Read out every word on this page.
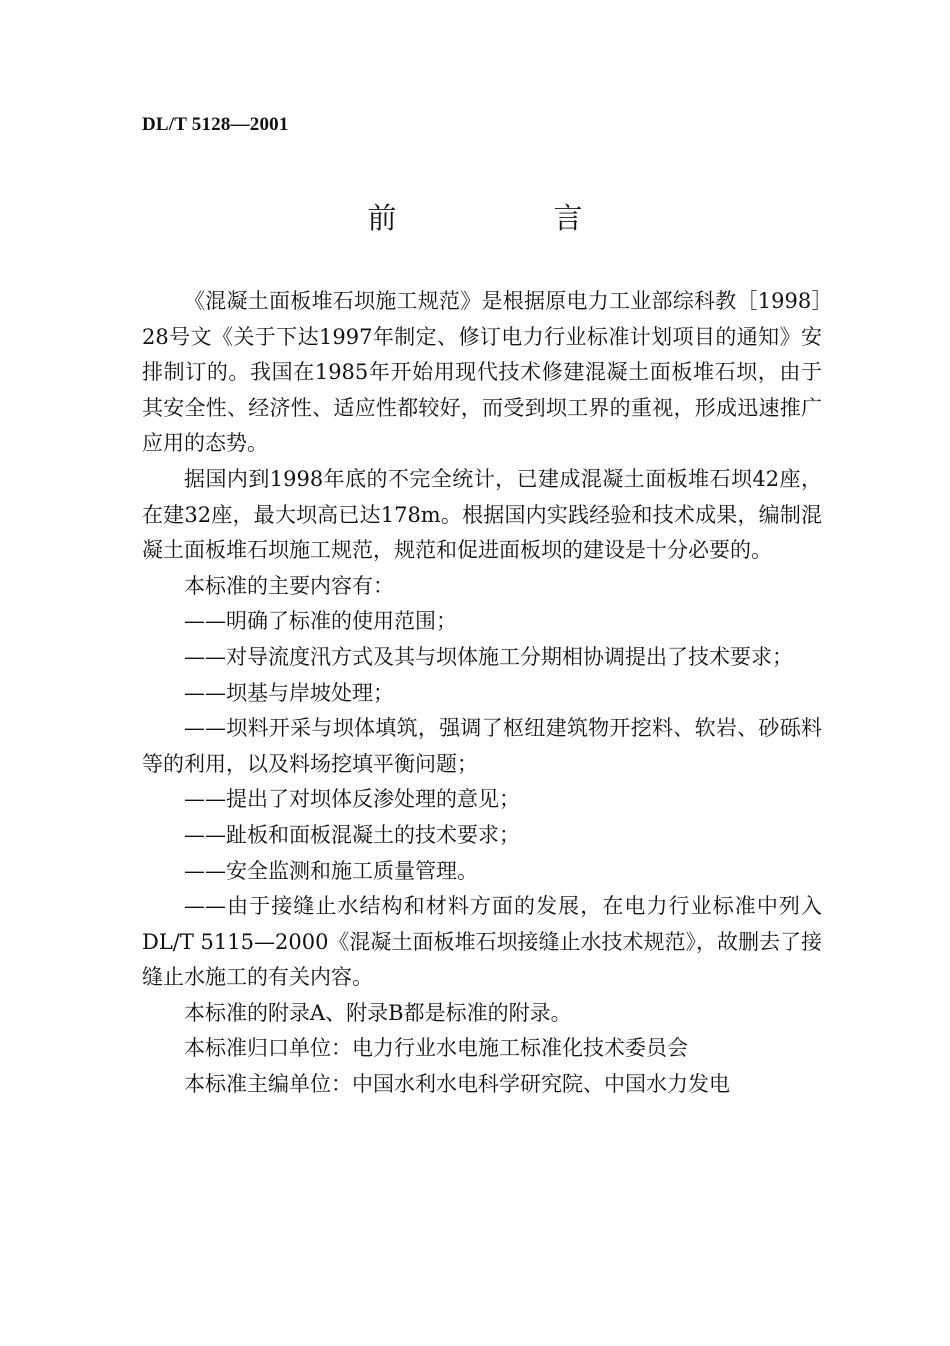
DL/T 5128—2001
前　言

《混凝土面板堆石坝施工规范》是根据原电力工业部综科教［1998］28号文《关于下达1997年制定、修订电力行业标准计划项目的通知》安排制订的。我国在1985年开始用现代技术修建混凝土面板堆石坝，由于其安全性、经济性、适应性都较好，而受到坝工界的重视，形成迅速推广应用的态势。

据国内到1998年底的不完全统计，已建成混凝土面板堆石坝42座，在建32座，最大坝高已达178m。根据国内实践经验和技术成果，编制混凝土面板堆石坝施工规范，规范和促进面板坝的建设是十分必要的。

本标准的主要内容有：

——明确了标准的使用范围；

——对导流度汛方式及其与坝体施工分期相协调提出了技术要求；

——坝基与岸坡处理；

——坝料开采与坝体填筑，强调了枢纽建筑物开挖料、软岩、砂砾料等的利用，以及料场挖填平衡问题；

——提出了对坝体反渗处理的意见；

——趾板和面板混凝土的技术要求；

——安全监测和施工质量管理。

——由于接缝止水结构和材料方面的发展，在电力行业标准中列入DL/T 5115—2000《混凝土面板堆石坝接缝止水技术规范》，故删去了接缝止水施工的有关内容。

本标准的附录A、附录B都是标准的附录。

本标准归口单位：电力行业水电施工标准化技术委员会

本标准主编单位：中国水利水电科学研究院、中国水力发电
